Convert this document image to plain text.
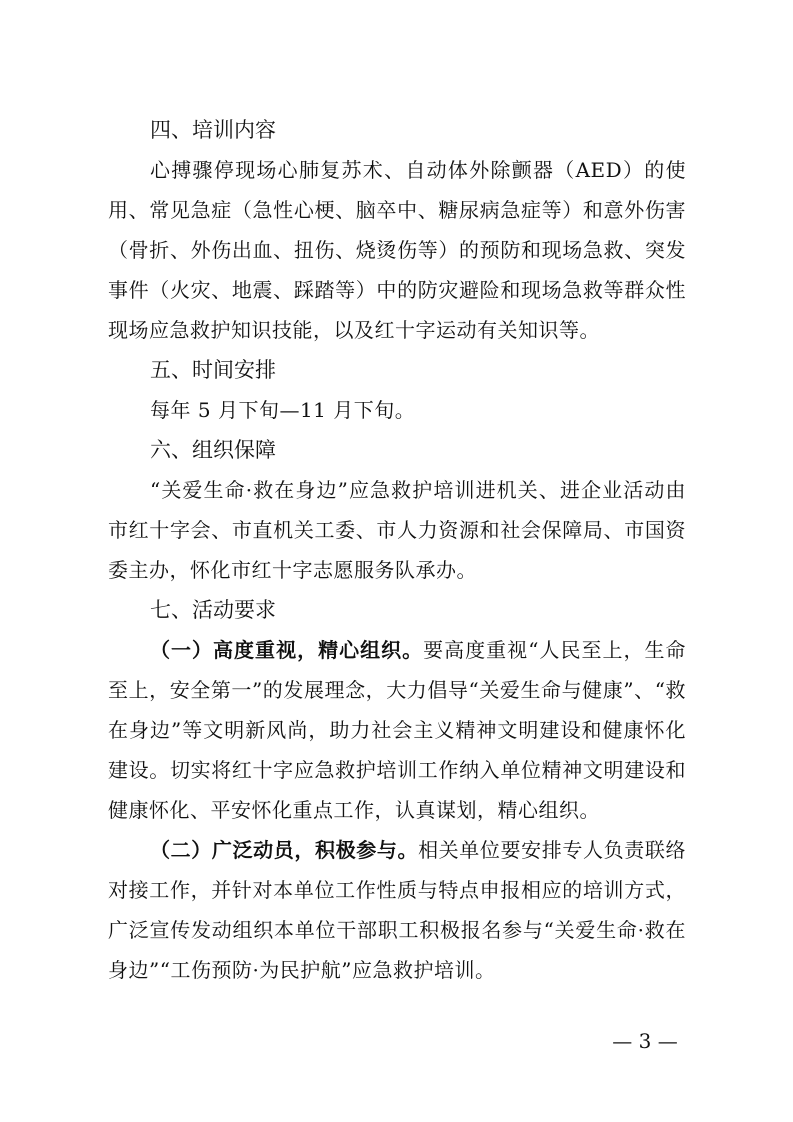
四、培训内容

心搏骤停现场心肺复苏术、自动体外除颤器（AED）的使用、常见急症（急性心梗、脑卒中、糖尿病急症等）和意外伤害（骨折、外伤出血、扭伤、烧烫伤等）的预防和现场急救、突发事件（火灾、地震、踩踏等）中的防灾避险和现场急救等群众性现场应急救护知识技能，以及红十字运动有关知识等。

五、时间安排

每年 5 月下旬—11 月下旬。

六、组织保障

“关爱生命·救在身边”应急救护培训进机关、进企业活动由市红十字会、市直机关工委、市人力资源和社会保障局、市国资委主办，怀化市红十字志愿服务队承办。

七、活动要求

（一）高度重视，精心组织。要高度重视“人民至上，生命至上，安全第一”的发展理念，大力倡导“关爱生命与健康”、“救在身边”等文明新风尚，助力社会主义精神文明建设和健康怀化建设。切实将红十字应急救护培训工作纳入单位精神文明建设和健康怀化、平安怀化重点工作，认真谋划，精心组织。

（二）广泛动员，积极参与。相关单位要安排专人负责联络对接工作，并针对本单位工作性质与特点申报相应的培训方式，广泛宣传发动组织本单位干部职工积极报名参与“关爱生命·救在身边”“工伤预防·为民护航”应急救护培训。

— 3 —
